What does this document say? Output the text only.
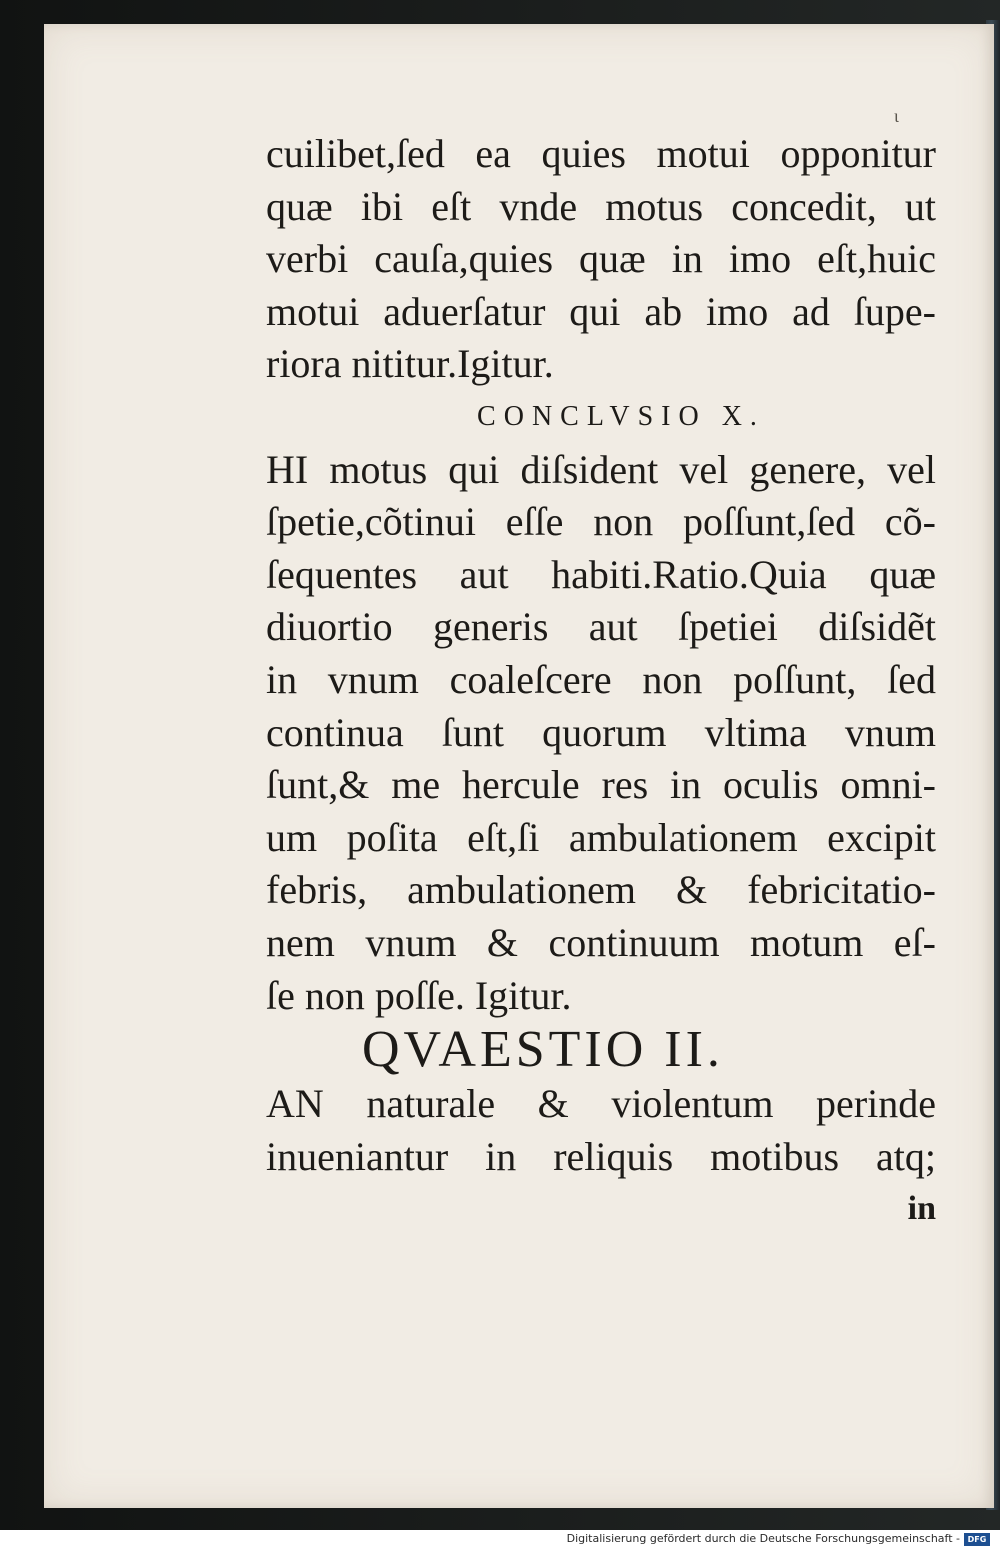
ι
cuilibet,ſed ea quies motui opponitur
quæ ibi eſt vnde motus concedit, ut
verbi cauſa,quies quæ in imo eſt,huic
motui aduerſatur qui ab imo ad ſupe-
riora nititur.Igitur.
CONCLVSIO X.
HI motus qui diſsident vel genere, vel
ſpetie,cõtinui eſſe non poſſunt,ſed cõ-
ſequentes aut habiti.Ratio.Quia quæ
diuortio generis aut ſpetiei diſsidẽt
in vnum coaleſcere non poſſunt, ſed
continua ſunt quorum vltima vnum
ſunt,& me hercule res in oculis omni-
um poſita eſt,ſi ambulationem excipit
febris, ambulationem & febricitatio-
nem vnum & continuum motum eſ-
ſe non poſſe. Igitur.
QVAESTIO II.
AN naturale & violentum perinde
inueniantur in reliquis motibus atq;
in
Digitalisierung gefördert durch die Deutsche Forschungsgemeinschaft - DFG
